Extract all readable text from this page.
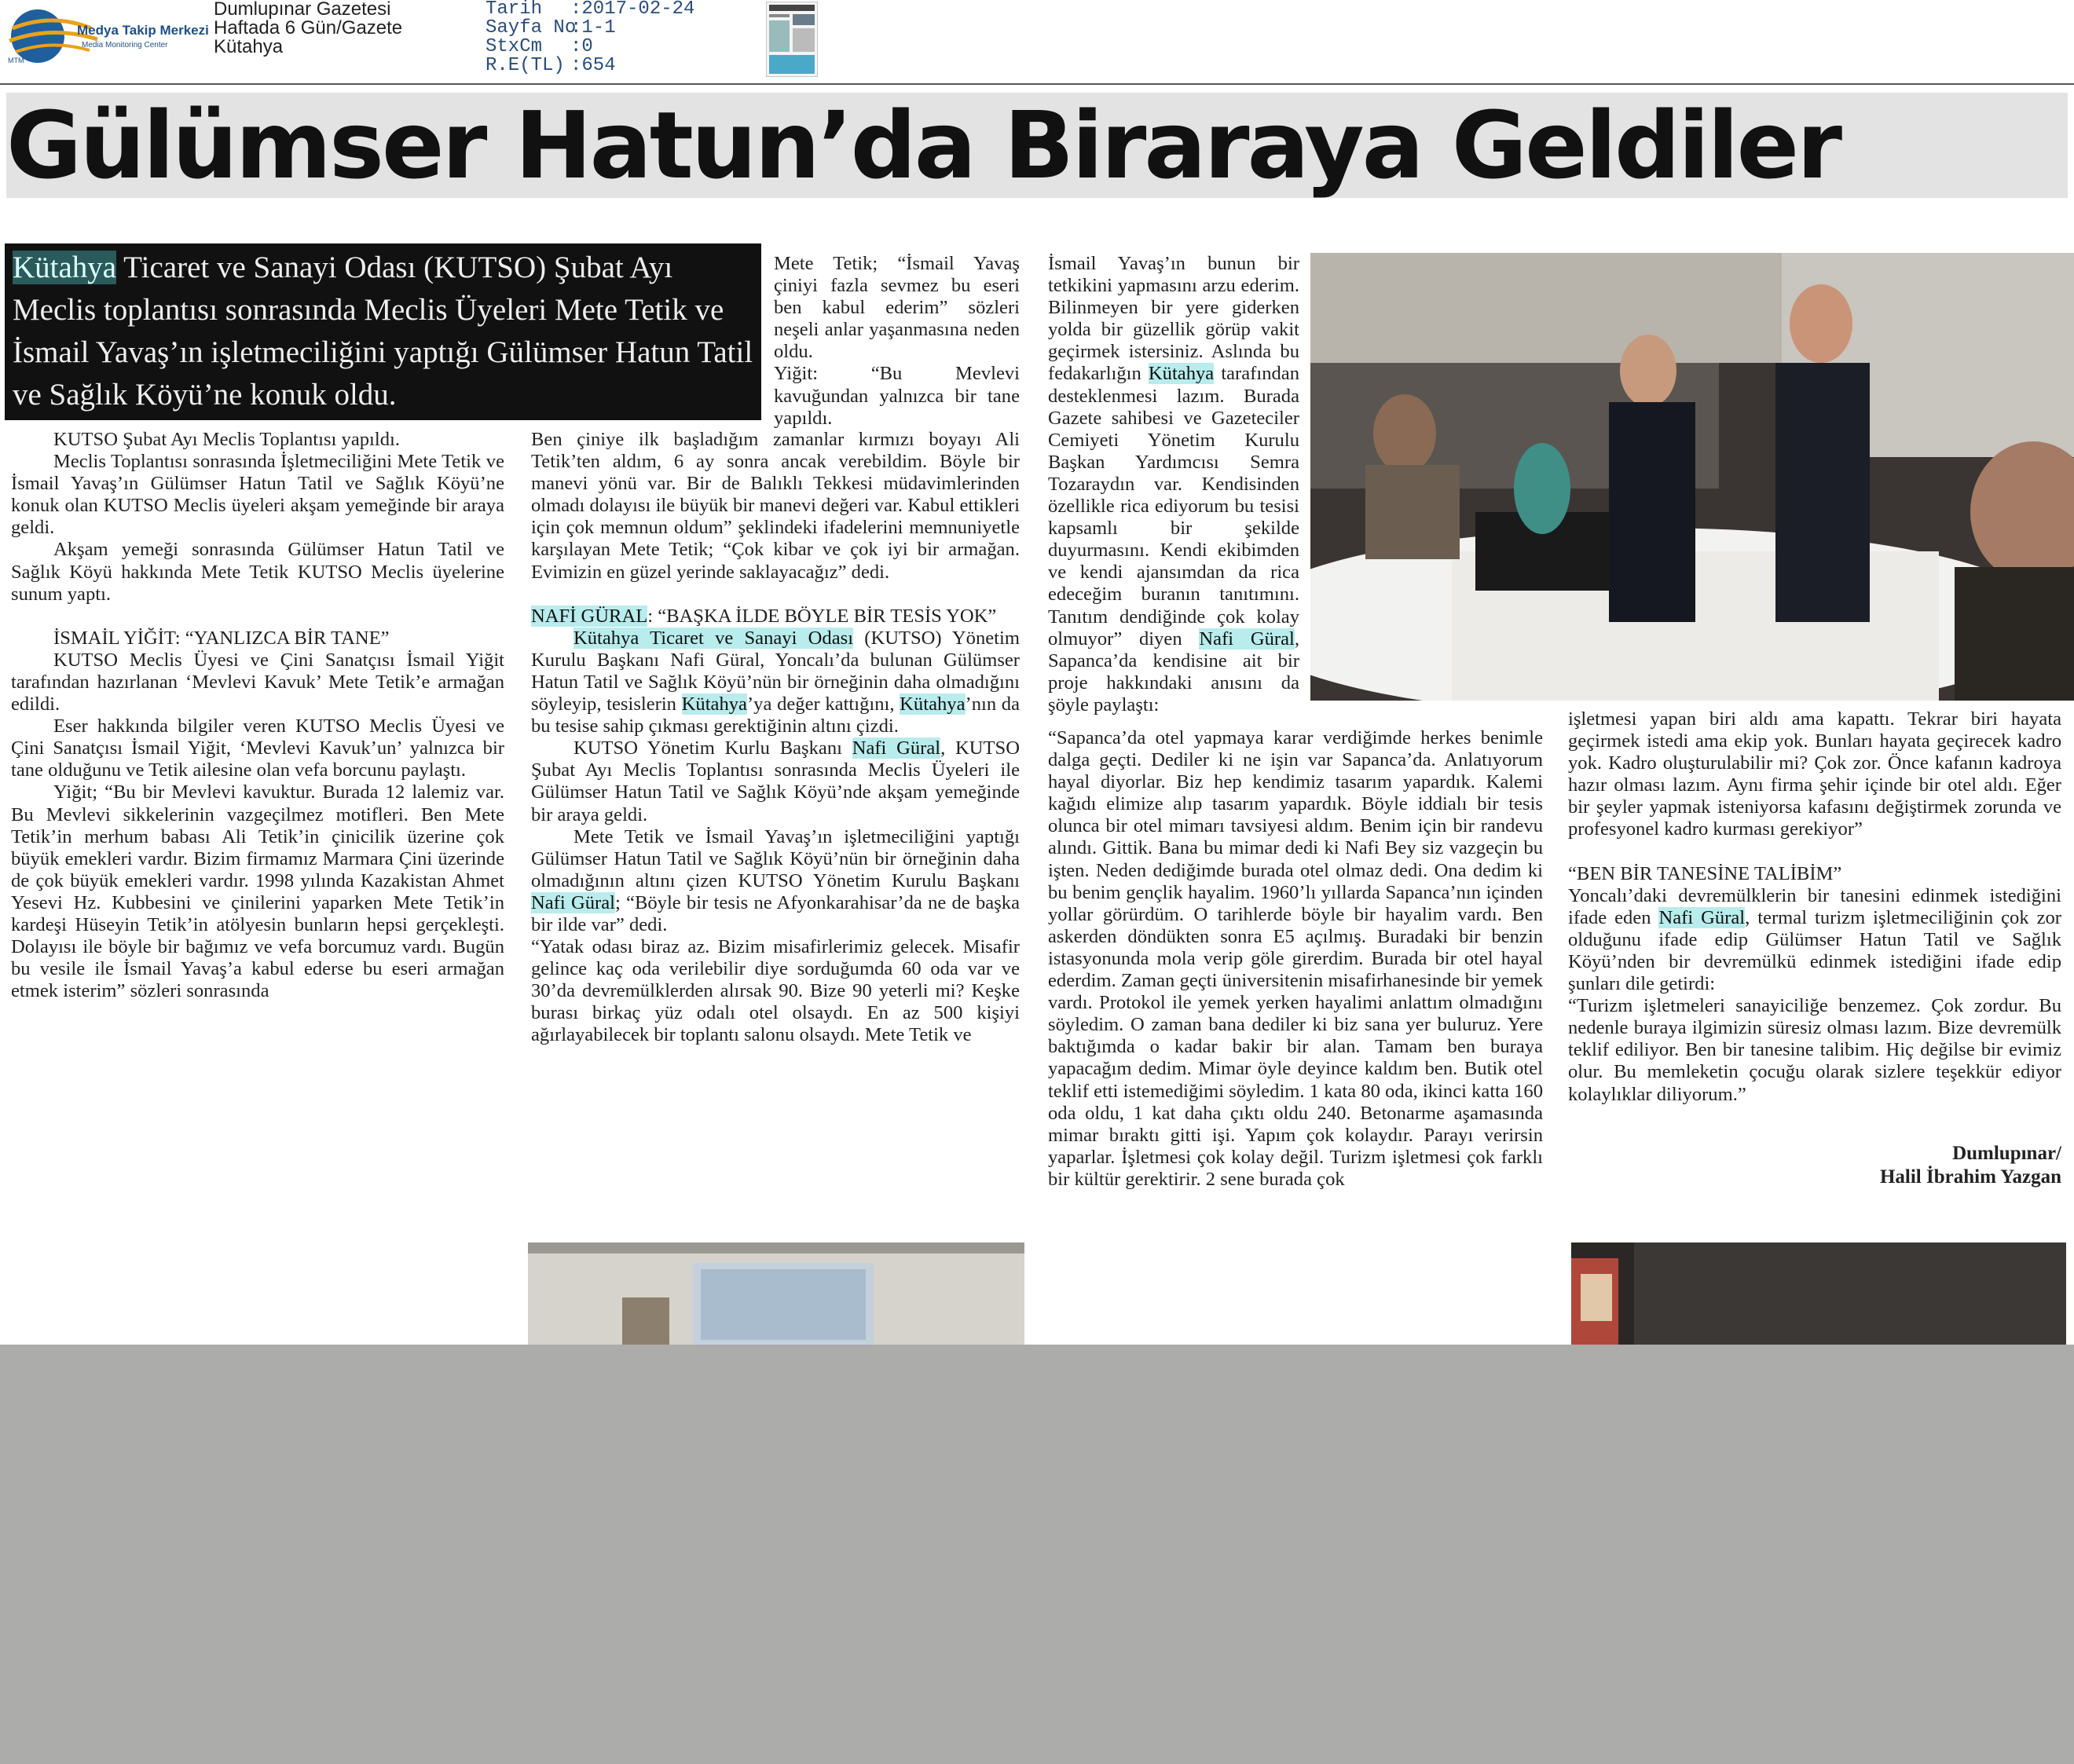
Medya Takip Merkezi
Media Monitoring Center
MTM
Dumlupınar Gazetesi
Haftada 6 Gün/Gazete
Kütahya
Tarih :2017-02-24
Sayfa No:1-1
StxCm :0
R.E(TL) :654
Gülümser Hatun’da Biraraya Geldiler
Kütahya Ticaret ve Sanayi Odası (KUTSO) Şubat Ayı Meclis toplantısı sonrasında Meclis Üyeleri Mete Tetik ve İsmail Yavaş’ın işletmeciliğini yaptığı Gülümser Hatun Tatil ve Sağlık Köyü’ne konuk oldu.

KUTSO Şubat Ayı Meclis Toplantısı yapıldı.

Meclis Toplantısı sonrasında İşletmeciliğini Mete Tetik ve İsmail Yavaş’ın Gülümser Hatun Tatil ve Sağlık Köyü’ne konuk olan KUTSO Meclis üyeleri akşam yemeğinde bir araya geldi.

Akşam yemeği sonrasında Gülümser Hatun Tatil ve Sağlık Köyü hakkında Mete Tetik KUTSO Meclis üyelerine sunum yaptı.

İSMAİL YİĞİT: “YANLIZCA BİR TANE”

KUTSO Meclis Üyesi ve Çini Sanatçısı İsmail Yiğit tarafından hazırlanan ‘Mevlevi Kavuk’ Mete Tetik’e armağan edildi.

Eser hakkında bilgiler veren KUTSO Meclis Üyesi ve Çini Sanatçısı İsmail Yiğit, ‘Mevlevi Kavuk’un’ yalnızca bir tane olduğunu ve Tetik ailesine olan vefa borcunu paylaştı.

Yiğit; “Bu bir Mevlevi kavuktur. Burada 12 lalemiz var. Bu Mevlevi sikkelerinin vazgeçilmez motifleri. Ben Mete Tetik’in merhum babası Ali Tetik’in çinicilik üzerine çok büyük emekleri vardır. Bizim firmamız Marmara Çini üzerinde de çok büyük emekleri vardır. 1998 yılında Kazakistan Ahmet Yesevi Hz. Kubbesini ve çinilerini yaparken Mete Tetik’in kardeşi Hüseyin Tetik’in atölyesin bunların hepsi gerçekleşti. Dolayısı ile böyle bir bağımız ve vefa borcumuz vardı. Bugün bu vesile ile İsmail Yavaş’a kabul ederse bu eseri armağan etmek isterim” sözleri sonrasında

Mete Tetik; “İsmail Yavaş çiniyi fazla sevmez bu eseri ben kabul ederim” sözleri neşeli anlar yaşanmasına neden oldu.

Yiğit: “Bu Mevlevi kavuğundan yalnızca bir tane yapıldı.

Ben çiniye ilk başladığım zamanlar kırmızı boyayı Ali Tetik’ten aldım, 6 ay sonra ancak verebildim. Böyle bir manevi yönü var. Bir de Balıklı Tekkesi müdavimlerinden olmadı dolayısı ile büyük bir manevi değeri var. Kabul ettikleri için çok memnun oldum” şeklindeki ifadelerini memnuniyetle karşılayan Mete Tetik; “Çok kibar ve çok iyi bir armağan. Evimizin en güzel yerinde saklayacağız” dedi.

NAFİ GÜRAL: “BAŞKA İLDE BÖYLE BİR TESİS YOK”

Kütahya Ticaret ve Sanayi Odası (KUTSO) Yönetim Kurulu Başkanı Nafi Güral, Yoncalı’da bulunan Gülümser Hatun Tatil ve Sağlık Köyü’nün bir örneğinin daha olmadığını söyleyip, tesislerin Kütahya’ya değer kattığını, Kütahya’nın da bu tesise sahip çıkması gerektiğinin altını çizdi.

KUTSO Yönetim Kurlu Başkanı Nafi Güral, KUTSO Şubat Ayı Meclis Toplantısı sonrasında Meclis Üyeleri ile Gülümser Hatun Tatil ve Sağlık Köyü’nde akşam yemeğinde bir araya geldi.

Mete Tetik ve İsmail Yavaş’ın işletmeciliğini yaptığı Gülümser Hatun Tatil ve Sağlık Köyü’nün bir örneğinin daha olmadığının altını çizen KUTSO Yönetim Kurulu Başkanı Nafi Güral; “Böyle bir tesis ne Afyonkarahisar’da ne de başka bir ilde var” dedi.

“Yatak odası biraz az. Bizim misafirlerimiz gelecek. Misafir gelince kaç oda verilebilir diye sorduğumda 60 oda var ve 30’da devremülklerden alırsak 90. Bize 90 yeterli mi? Keşke burası birkaç yüz odalı otel olsaydı. En az 500 kişiyi ağırlayabilecek bir toplantı salonu olsaydı. Mete Tetik ve

İsmail Yavaş’ın bunun bir tetkikini yapmasını arzu ederim. Bilinmeyen bir yere giderken yolda bir güzellik görüp vakit geçirmek istersiniz. Aslında bu fedakarlığın Kütahya tarafından desteklenmesi lazım. Burada Gazete sahibesi ve Gazeteciler Cemiyeti Yönetim Kurulu Başkan Yardımcısı Semra Tozaraydın var. Kendisinden özellikle rica ediyorum bu tesisi kapsamlı bir şekilde duyurmasını. Kendi ekibimden ve kendi ajansımdan da rica edeceğim buranın tanıtımını. Tanıtım dendiğinde çok kolay olmuyor” diyen Nafi Güral, Sapanca’da kendisine ait bir proje hakkındaki anısını da şöyle paylaştı:

“Sapanca’da otel yapmaya karar verdiğimde herkes benimle dalga geçti. Dediler ki ne işin var Sapanca’da. Anlatıyorum hayal diyorlar. Biz hep kendimiz tasarım yapardık. Kalemi kağıdı elimize alıp tasarım yapardık. Böyle iddialı bir tesis olunca bir otel mimarı tavsiyesi aldım. Benim için bir randevu alındı. Gittik. Bana bu mimar dedi ki Nafi Bey siz vazgeçin bu işten. Neden dediğimde burada otel olmaz dedi. Ona dedim ki bu benim gençlik hayalim. 1960’lı yıllarda Sapanca’nın içinden yollar görürdüm. O tarihlerde böyle bir hayalim vardı. Ben askerden döndükten sonra E5 açılmış. Buradaki bir benzin istasyonunda mola verip göle girerdim. Burada bir otel hayal ederdim. Zaman geçti üniversitenin misafirhanesinde bir yemek vardı. Protokol ile yemek yerken hayalimi anlattım olmadığını söyledim. O zaman bana dediler ki biz sana yer buluruz. Yere baktığımda o kadar bakir bir alan. Tamam ben buraya yapacağım dedim. Mimar öyle deyince kaldım ben. Butik otel teklif etti istemediğimi söyledim. 1 kata 80 oda, ikinci katta 160 oda oldu, 1 kat daha çıktı oldu 240. Betonarme aşamasında mimar bıraktı gitti işi. Yapım çok kolaydır. Parayı verirsin yaparlar. İşletmesi çok kolay değil. Turizm işletmesi çok farklı bir kültür gerektirir. 2 sene burada çok

işletmesi yapan biri aldı ama kapattı. Tekrar biri hayata geçirmek istedi ama ekip yok. Bunları hayata geçirecek kadro yok. Kadro oluşturulabilir mi? Çok zor. Önce kafanın kadroya hazır olması lazım. Aynı firma şehir içinde bir otel aldı. Eğer bir şeyler yapmak isteniyorsa kafasını değiştirmek zorunda ve profesyonel kadro kurması gerekiyor”

“BEN BİR TANESİNE TALİBİM”

Yoncalı’daki devremülklerin bir tanesini edinmek istediğini ifade eden Nafi Güral, termal turizm işletmeciliğinin çok zor olduğunu ifade edip Gülümser Hatun Tatil ve Sağlık Köyü’nden bir devremülkü edinmek istediğini ifade edip şunları dile getirdi:

“Turizm işletmeleri sanayiciliğe benzemez. Çok zordur. Bu nedenle buraya ilgimizin süresiz olması lazım. Bize devremülk teklif ediliyor. Ben bir tanesine talibim. Hiç değilse bir evimiz olur. Bu memleketin çocuğu olarak sizlere teşekkür ediyor kolaylıklar diliyorum.”

Dumlupınar/
Halil İbrahim Yazgan
